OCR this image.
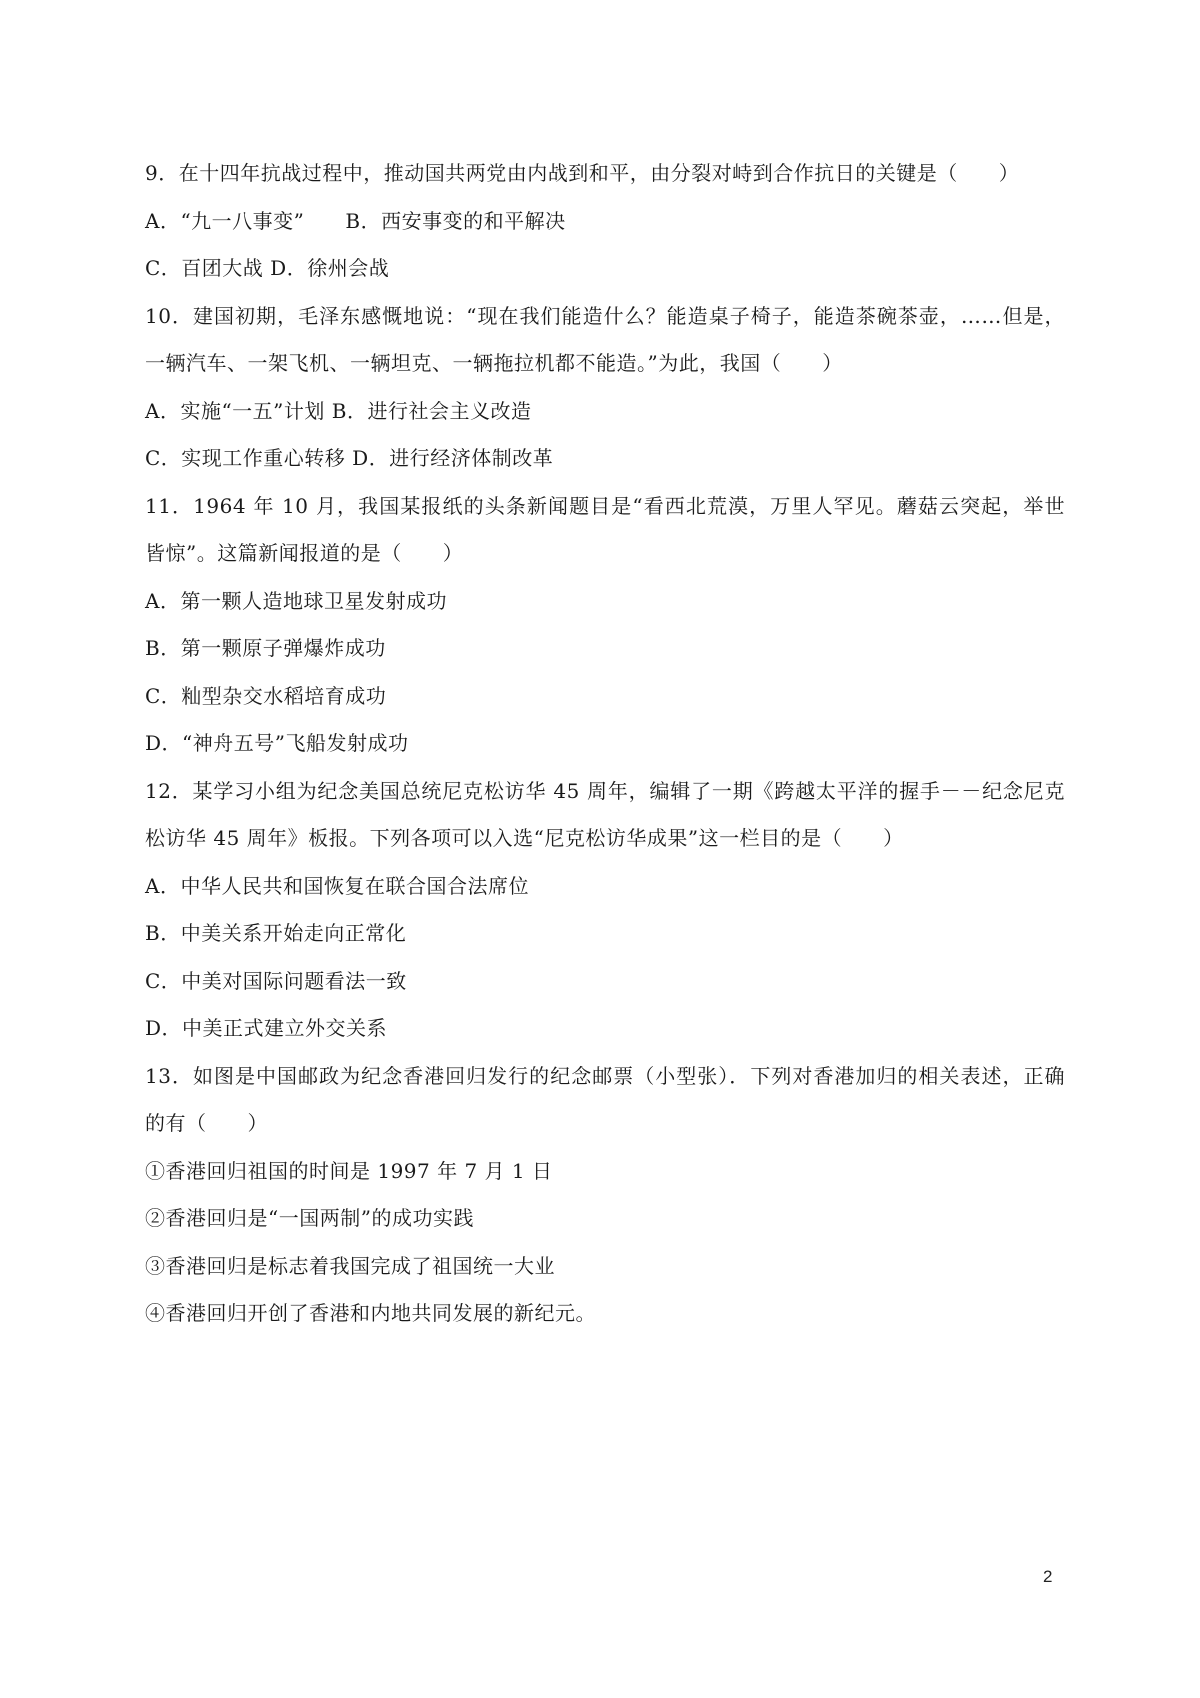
9．在十四年抗战过程中，推动国共两党由内战到和平，由分裂对峙到合作抗日的关键是（　　）
A．“九一八事变”　　B．西安事变的和平解决
C．百团大战 D．徐州会战
10．建国初期，毛泽东感慨地说：“现在我们能造什么？能造桌子椅子，能造茶碗茶壶，……但是，
一辆汽车、一架飞机、一辆坦克、一辆拖拉机都不能造。”为此，我国（　　）
A．实施“一五”计划 B．进行社会主义改造
C．实现工作重心转移 D．进行经济体制改革
11．1964 年 10 月，我国某报纸的头条新闻题目是“看西北荒漠，万里人罕见。蘑菇云突起，举世
皆惊”。这篇新闻报道的是（　　）
A．第一颗人造地球卫星发射成功
B．第一颗原子弹爆炸成功
C．籼型杂交水稻培育成功
D．“神舟五号”飞船发射成功
12．某学习小组为纪念美国总统尼克松访华 45 周年，编辑了一期《跨越太平洋的握手－－纪念尼克
松访华 45 周年》板报。下列各项可以入选“尼克松访华成果”这一栏目的是（　　）
A．中华人民共和国恢复在联合国合法席位
B．中美关系开始走向正常化
C．中美对国际问题看法一致
D．中美正式建立外交关系
13．如图是中国邮政为纪念香港回归发行的纪念邮票（小型张）．下列对香港加归的相关表述，正确
的有（　　）
①香港回归祖国的时间是 1997 年 7 月 1 日
②香港回归是“一国两制”的成功实践
③香港回归是标志着我国完成了祖国统一大业
④香港回归开创了香港和内地共同发展的新纪元。
2
